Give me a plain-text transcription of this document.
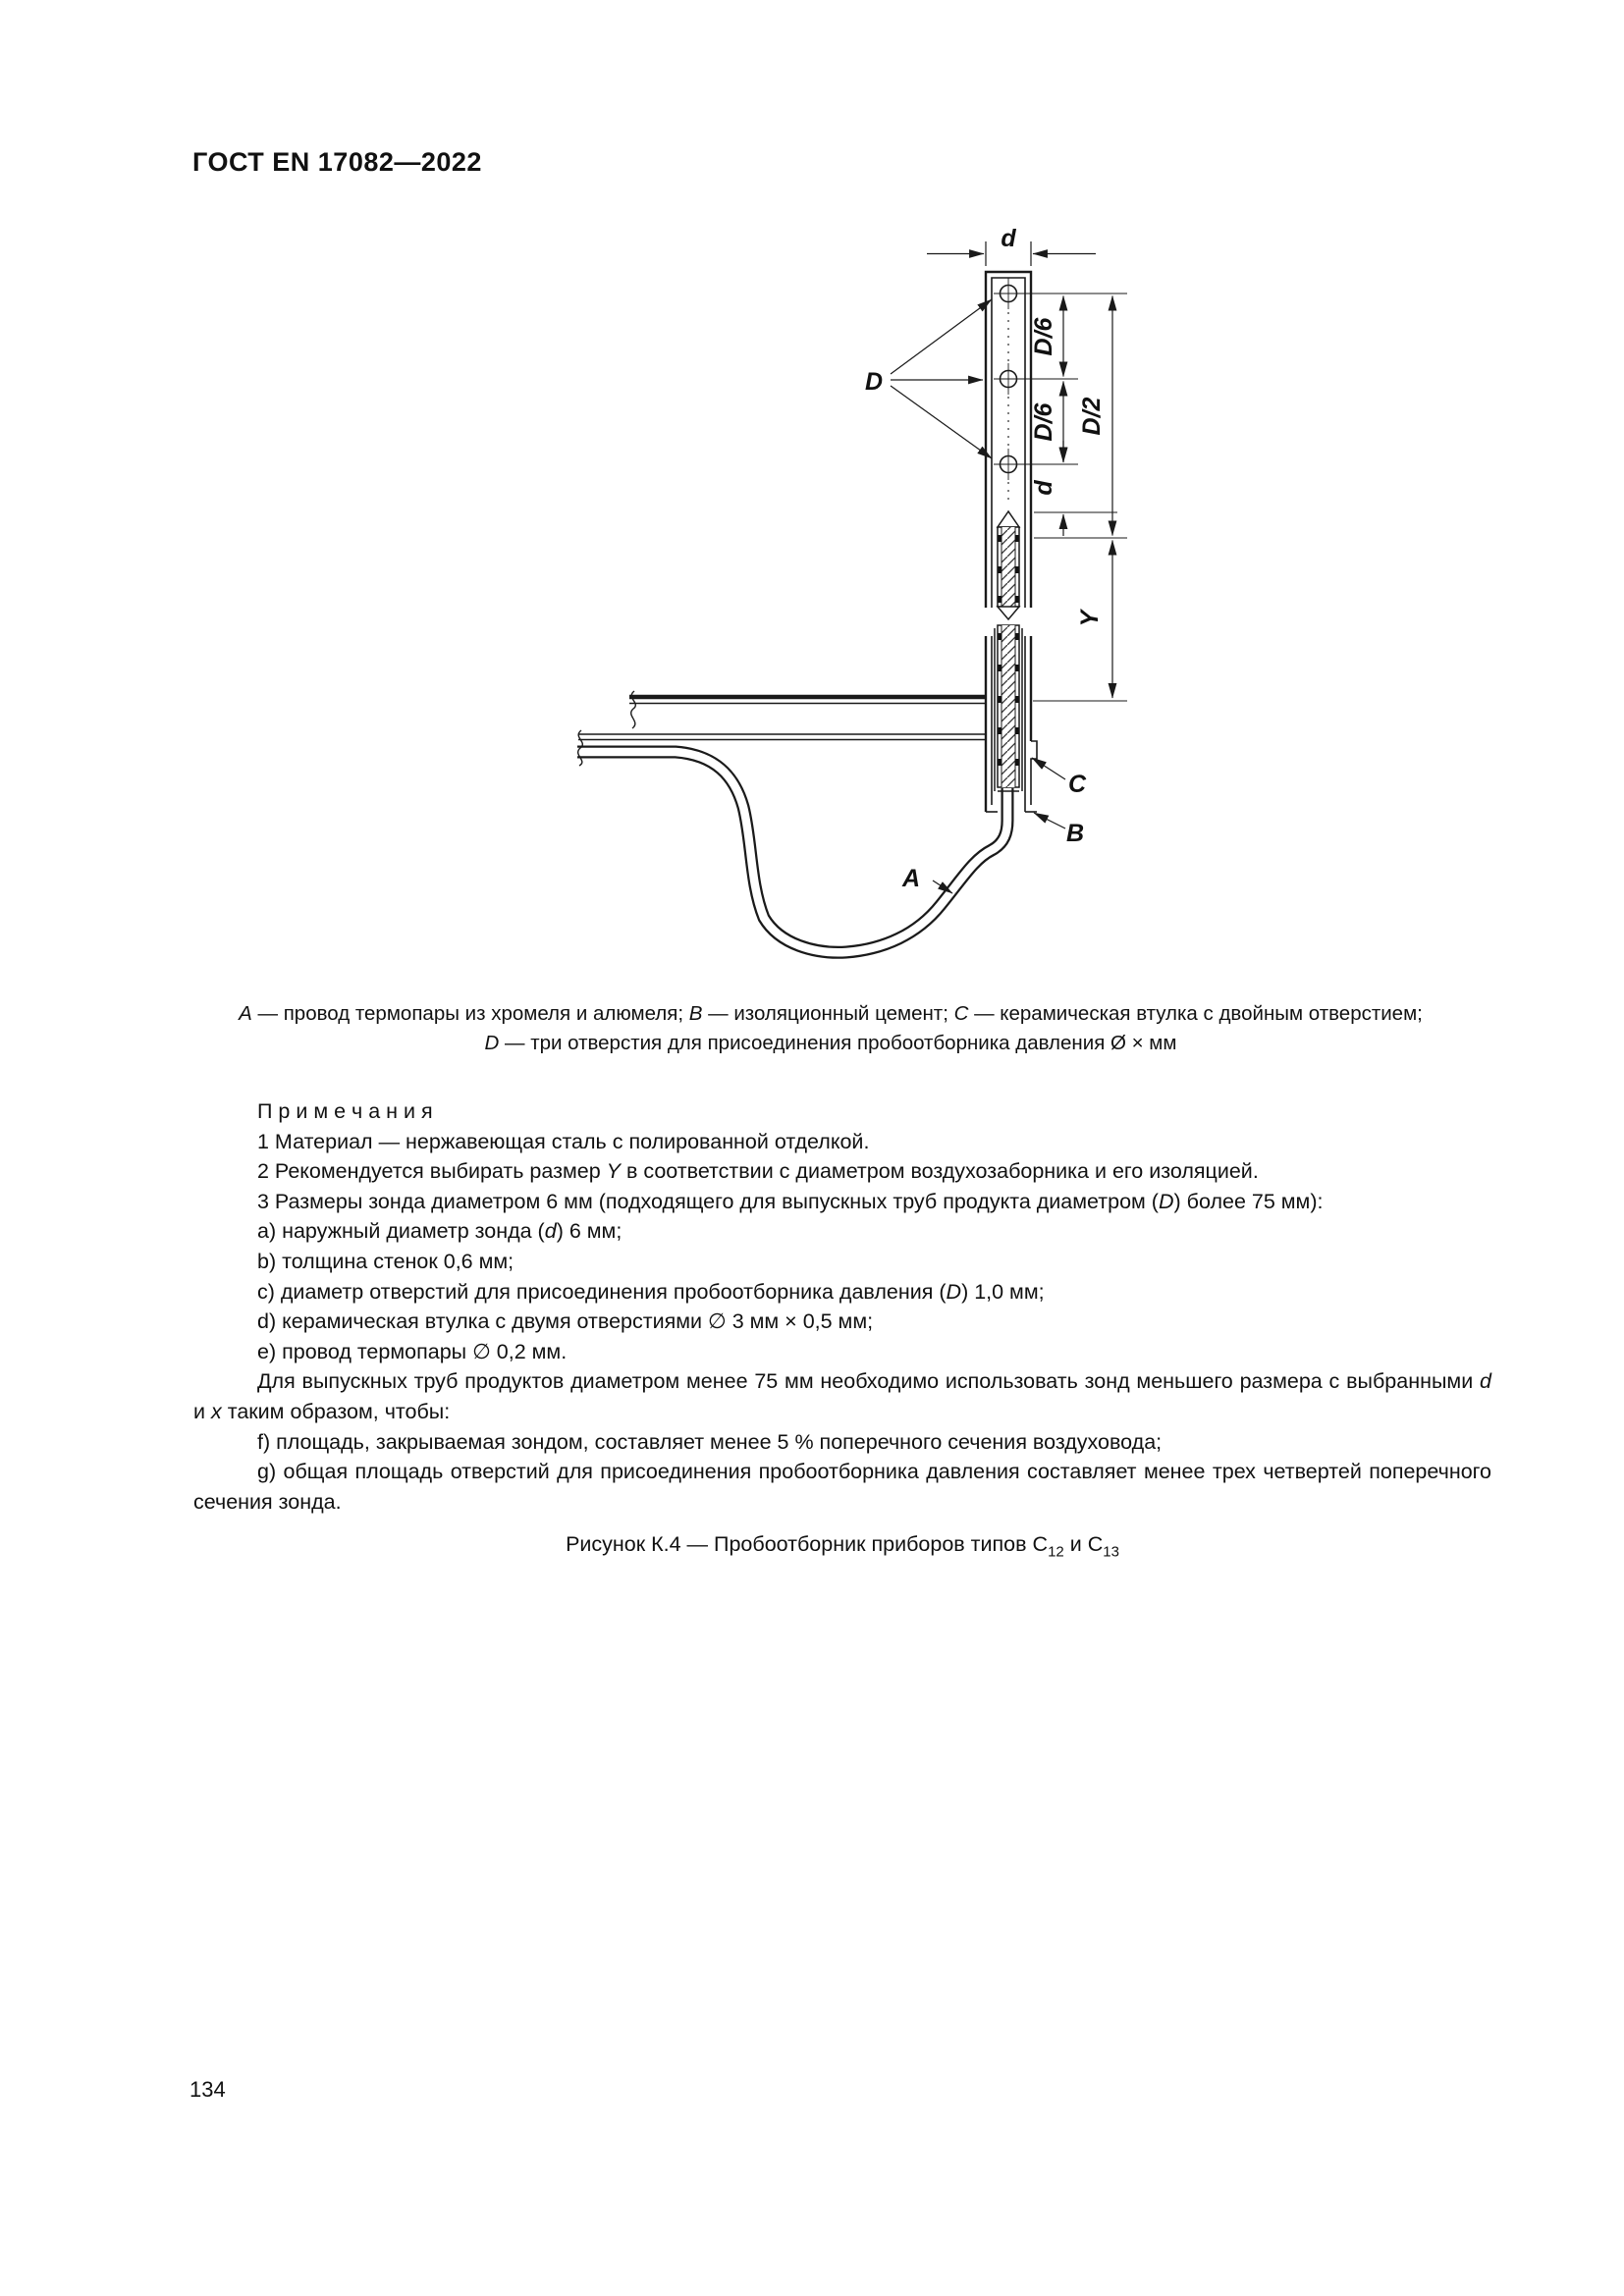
ГОСТ EN 17082—2022
d
D
D/6
D/6
d
D/2
Y
A
C
B
A — провод термопары из хромеля и алюмеля; B — изоляционный цемент; C — керамическая втулка с двойным отверстием;
D — три отверстия для присоединения пробоотборника давления Ø × мм

П р и м е ч а н и я

1 Материал — нержавеющая сталь с полированной отделкой.

2 Рекомендуется выбирать размер Y в соответствии с диаметром воздухозаборника и его изоляцией.

3 Размеры зонда диаметром 6 мм (подходящего для выпускных труб продукта диаметром (D) более 75 мм):

a) наружный диаметр зонда (d) 6 мм;

b) толщина стенок 0,6 мм;

c) диаметр отверстий для присоединения пробоотборника давления (D) 1,0 мм;

d) керамическая втулка с двумя отверстиями ∅ 3 мм × 0,5 мм;

e) провод термопары ∅ 0,2 мм.

Для выпускных труб продуктов диаметром менее 75 мм необходимо использовать зонд меньшего размера с выбранными d и x таким образом, чтобы:

f) площадь, закрываемая зондом, составляет менее 5 % поперечного сечения воздуховода;

g) общая площадь отверстий для присоединения пробоотборника давления составляет менее трех четвертей поперечного сечения зонда.

Рисунок К.4 — Пробоотборник приборов типов $С_{12}$ и $С_{13}$
134
